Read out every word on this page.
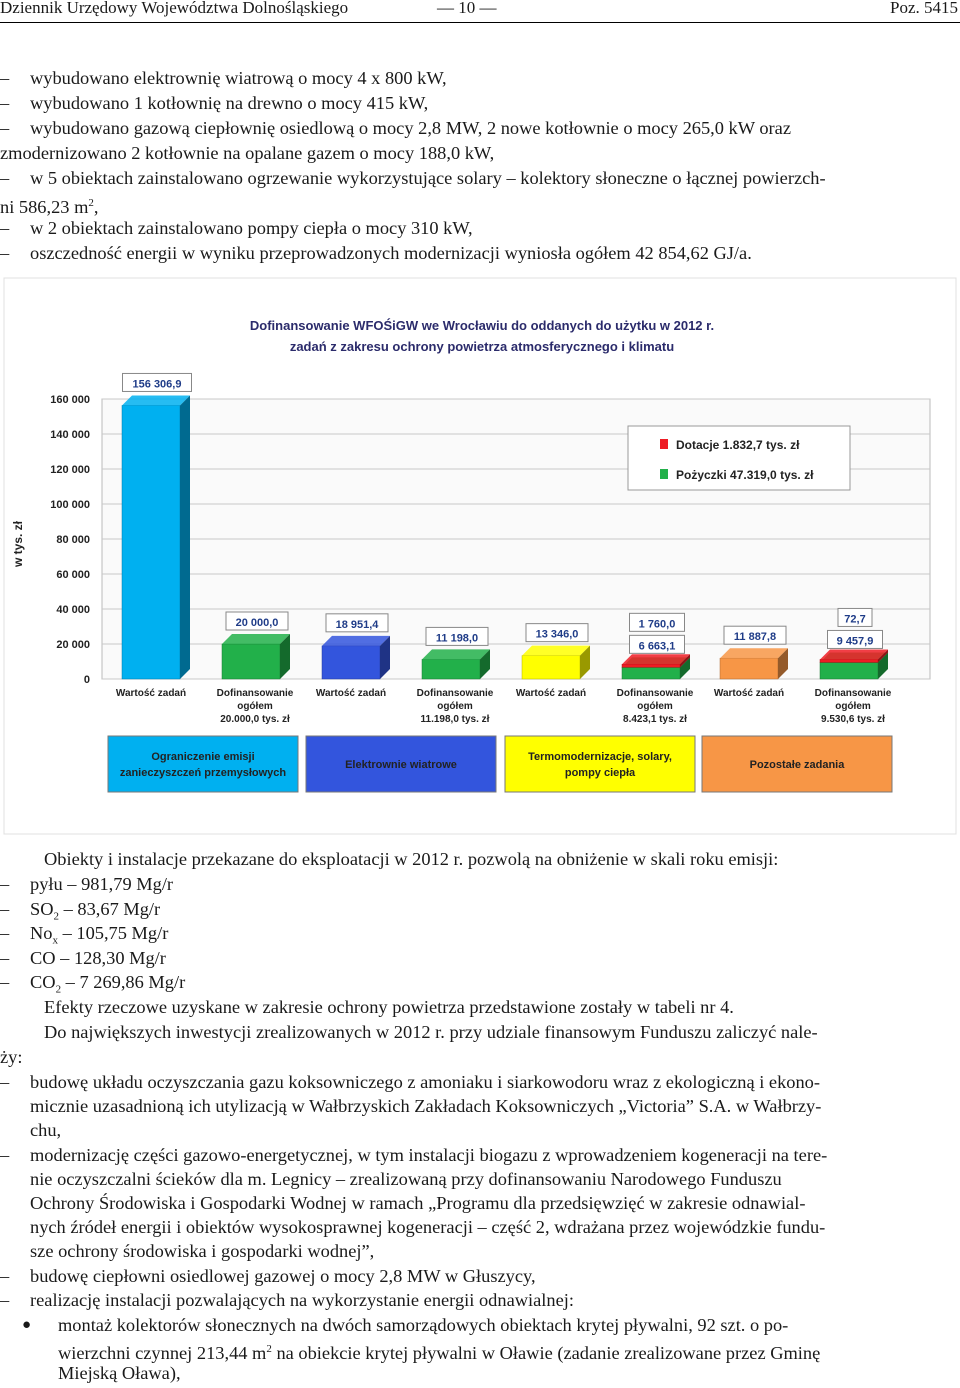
Dziennik Urzędowy Województwa Dolnośląskiego	— 10 —	Poz. 5415
– wybudowano elektrownię wiatrową o mocy 4 x 800 kW,
– wybudowano 1 kotłownię na drewno o mocy 415 kW,
– wybudowano gazową ciepłownię osiedlową o mocy 2,8 MW, 2 nowe kotłownie o mocy 265,0 kW oraz
zmodernizowano 2 kotłownie na opalane gazem o mocy 188,0 kW,
– w 5 obiektach zainstalowano ogrzewanie wykorzystujące solary – kolektory słoneczne o łącznej powierzch-
ni 586,23 $m^2$,
– w 2 obiektach zainstalowano pompy ciepła o mocy 310 kW,
– oszczedność energii w wyniku przeprowadzonych modernizacji wyniosła ogółem 42 854,62 GJ/a.
Dofinansowanie WFOŚiGW we Wrocławiu do oddanych do użytku w 2012 r.
zadań z zakresu ochrony powietrza atmosferycznego i klimatu
w tys. zł
0
20 000
40 000
60 000
80 000
100 000
120 000
140 000
160 000
156 306,9
20 000,0	18 951,4
11 198,0	13 346,0
6 663,1
1 760,0
11 887,8	9 457,9
72,7
Dotacje 1.832,7 tys. zł
Pożyczki 47.319,0 tys. zł
Wartość zadań	Dofinansowanie
ogółem
20.000,0 tys. zł
Wartość zadań	Dofinansowanie
ogółem
11.198,0 tys. zł
Wartość zadań	Dofinansowanie
ogółem
8.423,1 tys. zł
Wartość zadań	Dofinansowanie
ogółem
9.530,6 tys. zł
Ograniczenie emisji
zanieczyszczeń przemysłowych
Elektrownie wiatrowe
Termomodernizacje, solary,
pompy ciepła
Pozostałe zadania
Obiekty i instalacje przekazane do eksploatacji w 2012 r. pozwolą na obniżenie w skali roku emisji:
– pyłu – 981,79 Mg/r
– $SO_2 - 83,67$ Mg/r
– $No_x - 105,75$ Mg/r
– CO – 128,30 Mg/r
– $CO_2 - 7$ 269,86 Mg/r
Efekty rzeczowe uzyskane w zakresie ochrony powietrza przedstawione zostały w tabeli nr 4.
Do największych inwestycji zrealizowanych w 2012 r. przy udziale finansowym Funduszu zaliczyć nale-
ży:
– budowę układu oczyszczania gazu koksowniczego z amoniaku i siarkowodoru wraz z ekologiczną i ekono-
micznie uzasadnioną ich utylizacją w Wałbrzyskich Zakładach Koksowniczych „Victoria” S.A. w Wałbrzy-
chu,
– modernizację części gazowo-energetycznej, w tym instalacji biogazu z wprowadzeniem kogeneracji na tere-
nie oczyszczalni ścieków dla m. Legnicy – zrealizowaną przy dofinansowaniu Narodowego Funduszu
Ochrony Środowiska i Gospodarki Wodnej w ramach „Programu dla przedsięwzięć w zakresie odnawial-
nych źródeł energii i obiektów wysokosprawnej kogeneracji – część 2, wdrażana przez wojewódzkie fundu-
sze ochrony środowiska i gospodarki wodnej”,
– budowę ciepłowni osiedlowej gazowej o mocy 2,8 MW w Głuszycy,
– realizację instalacji pozwalających na wykorzystanie energii odnawialnej:
● montaż kolektorów słonecznych na dwóch samorządowych obiektach krytej pływalni, 92 szt. o po-
wierzchni czynnej 213,44 $m^2$ na obiekcie krytej pływalni w Oławie (zadanie zrealizowane przez Gminę
Miejską Oława),
